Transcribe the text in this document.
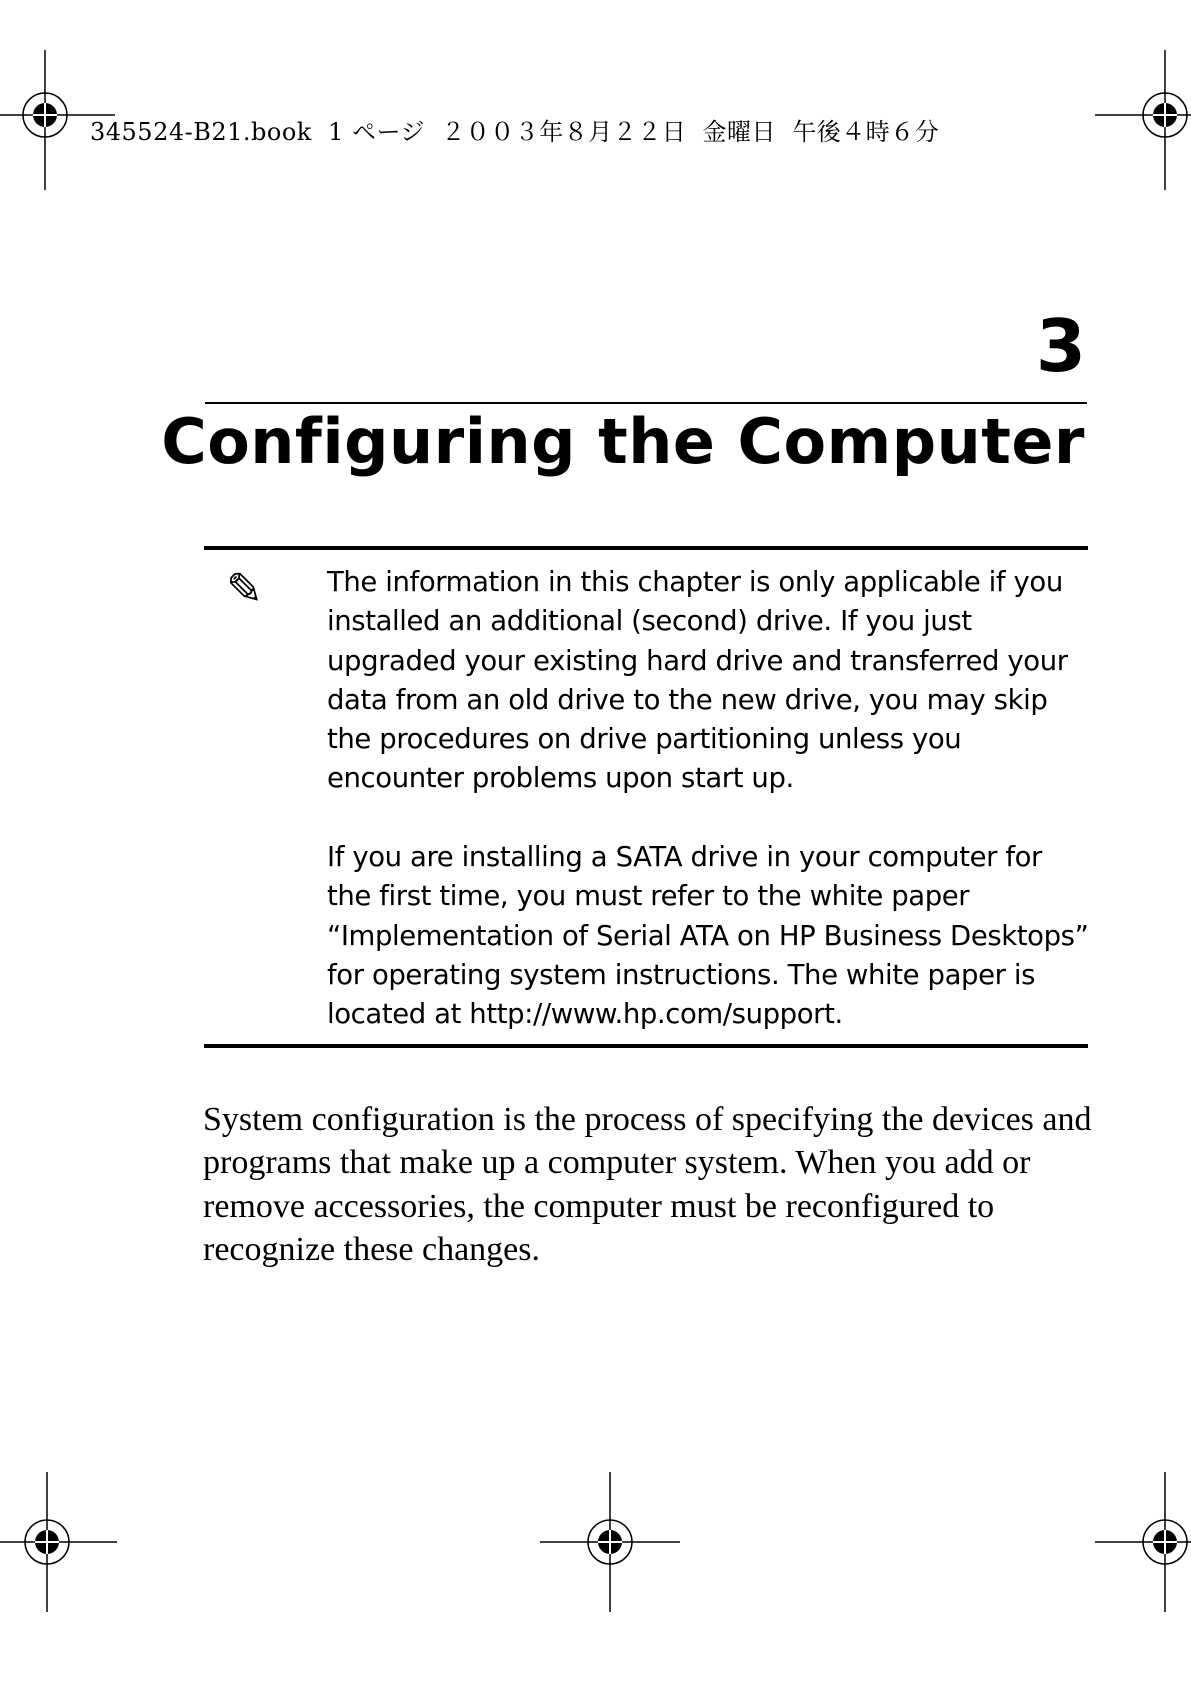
345524-B21.book  1 ページ  ２００３年８月２２日  金曜日  午後４時６分
3
Configuring the Computer
✎ The information in this chapter is only applicable if you
installed an additional (second) drive. If you just
upgraded your existing hard drive and transferred your
data from an old drive to the new drive, you may skip
the procedures on drive partitioning unless you
encounter problems upon start up.
If you are installing a SATA drive in your computer for
the first time, you must refer to the white paper
“Implementation of Serial ATA on HP Business Desktops”
for operating system instructions. The white paper is
located at http://www.hp.com/support.
System configuration is the process of specifying the devices and
programs that make up a computer system. When you add or
remove accessories, the computer must be reconfigured to
recognize these changes.
